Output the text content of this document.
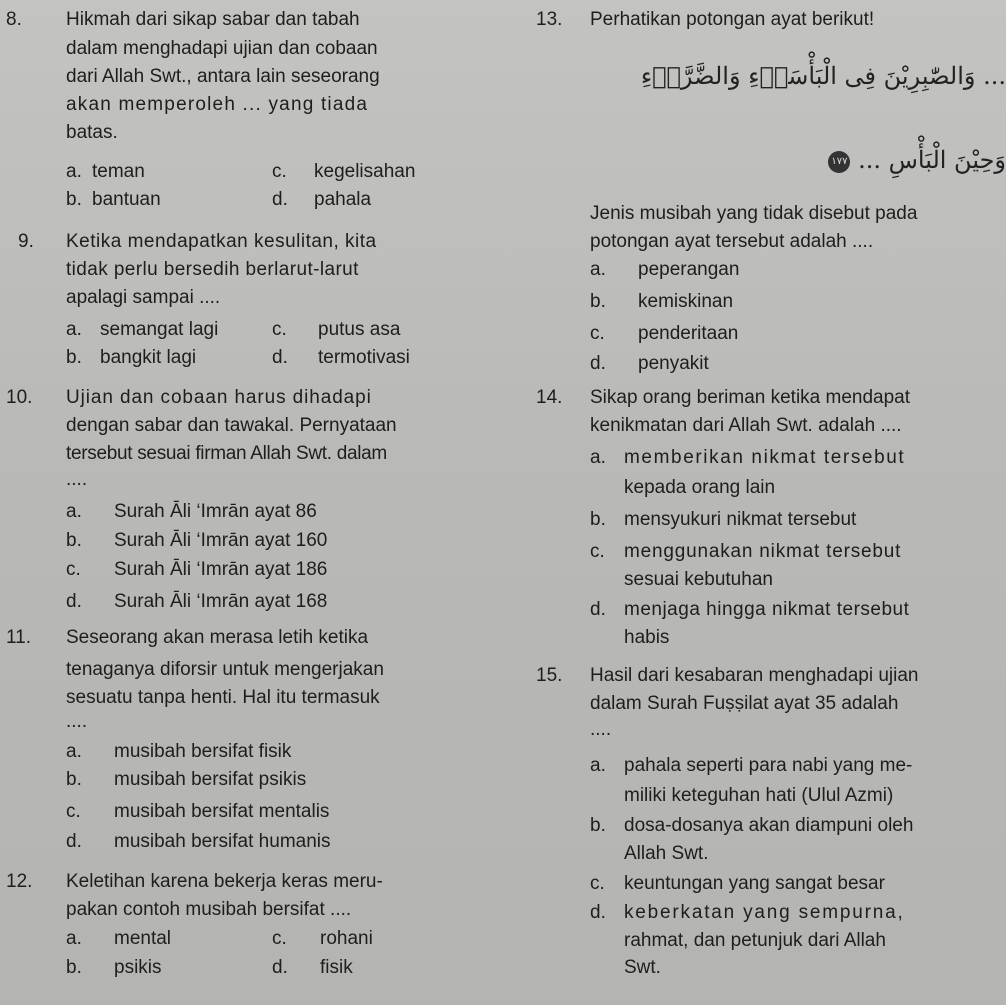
8. Hikmah dari sikap sabar dan tabah
dalam menghadapi ujian dan cobaan
dari Allah Swt., antara lain seseorang
akan memperoleh ... yang tiada
batas.
a. teman	c. kegelisahan
b. bantuan	d. pahala
9. Ketika mendapatkan kesulitan, kita
tidak perlu bersedih berlarut-larut
apalagi sampai ....
a. semangat lagi	c. putus asa
b. bangkit lagi	d. termotivasi
10. Ujian dan cobaan harus dihadapi
dengan sabar dan tawakal. Pernyataan
tersebut sesuai firman Allah Swt. dalam
....
a. Surah Āli ‘Imrān ayat 86
b. Surah Āli ‘Imrān ayat 160
c. Surah Āli ‘Imrān ayat 186
d. Surah Āli ‘Imrān ayat 168
11. Seseorang akan merasa letih ketika
tenaganya diforsir untuk mengerjakan
sesuatu tanpa henti. Hal itu termasuk
....
a. musibah bersifat fisik
b. musibah bersifat psikis
c. musibah bersifat mentalis
d. musibah bersifat humanis
12. Keletihan karena bekerja keras meru-
pakan contoh musibah bersifat ....
a. mental	c. rohani
b. psikis	d. fisik
13. Perhatikan potongan ayat berikut!
... وَالصّٰبِرِيْنَ فِى الْبَأْسَاۤءِ وَالضَّرَّاۤءِ
وَحِيْنَ الْبَأْسِ ... ١٧٧
Jenis musibah yang tidak disebut pada
potongan ayat tersebut adalah ....
a. peperangan
b. kemiskinan
c. penderitaan
d. penyakit
14. Sikap orang beriman ketika mendapat
kenikmatan dari Allah Swt. adalah ....
a. memberikan nikmat tersebut
kepada orang lain
b. mensyukuri nikmat tersebut
c. menggunakan nikmat tersebut
sesuai kebutuhan
d. menjaga hingga nikmat tersebut
habis
15. Hasil dari kesabaran menghadapi ujian
dalam Surah Fuṣṣilat ayat 35 adalah
....
a. pahala seperti para nabi yang me-
miliki keteguhan hati (Ulul Azmi)
b. dosa-dosanya akan diampuni oleh
Allah Swt.
c. keuntungan yang sangat besar
d. keberkatan yang sempurna,
rahmat, dan petunjuk dari Allah
Swt.
